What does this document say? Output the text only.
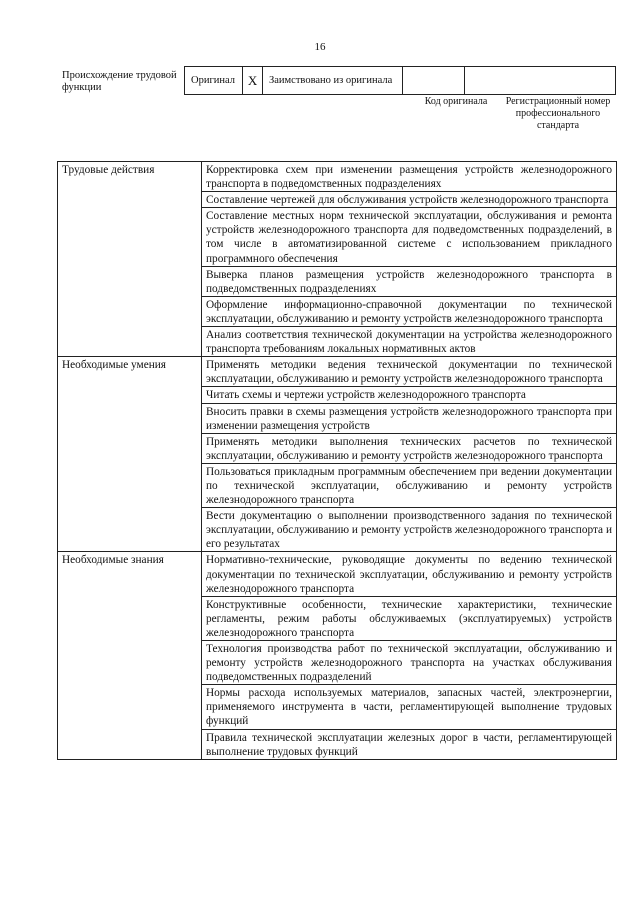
16
Происхождение трудовой функции
Оригинал X	Заимствовано из оригинала
Код оригинала	Регистрационный номер профессионального стандарта
Трудовые действия	Корректировка схем при изменении размещения устройств железнодорожного транспорта в подведомственных подразделениях
	Составление чертежей для обслуживания устройств железнодорожного транспорта
	Составление местных норм технической эксплуатации, обслуживания и ремонта устройств железнодорожного транспорта для подведомственных подразделений, в том числе в автоматизированной системе с использованием прикладного программного обеспечения
	Выверка планов размещения устройств железнодорожного транспорта в подведомственных подразделениях
	Оформление информационно-справочной документации по технической эксплуатации, обслуживанию и ремонту устройств железнодорожного транспорта
	Анализ соответствия технической документации на устройства железнодорожного транспорта требованиям локальных нормативных актов
Необходимые умения	Применять методики ведения технической документации по технической эксплуатации, обслуживанию и ремонту устройств железнодорожного транспорта
	Читать схемы и чертежи устройств железнодорожного транспорта
	Вносить правки в схемы размещения устройств железнодорожного транспорта при изменении размещения устройств
	Применять методики выполнения технических расчетов по технической эксплуатации, обслуживанию и ремонту устройств железнодорожного транспорта
	Пользоваться прикладным программным обеспечением при ведении документации по технической эксплуатации, обслуживанию и ремонту устройств железнодорожного транспорта
	Вести документацию о выполнении производственного задания по технической эксплуатации, обслуживанию и ремонту устройств железнодорожного транспорта и его результатах
Необходимые знания	Нормативно-технические, руководящие документы по ведению технической документации по технической эксплуатации, обслуживанию и ремонту устройств железнодорожного транспорта
	Конструктивные особенности, технические характеристики, технические регламенты, режим работы обслуживаемых (эксплуатируемых) устройств железнодорожного транспорта
	Технология производства работ по технической эксплуатации, обслуживанию и ремонту устройств железнодорожного транспорта на участках обслуживания подведомственных подразделений
	Нормы расхода используемых материалов, запасных частей, электроэнергии, применяемого инструмента в части, регламентирующей выполнение трудовых функций
	Правила технической эксплуатации железных дорог в части, регламентирующей выполнение трудовых функций
